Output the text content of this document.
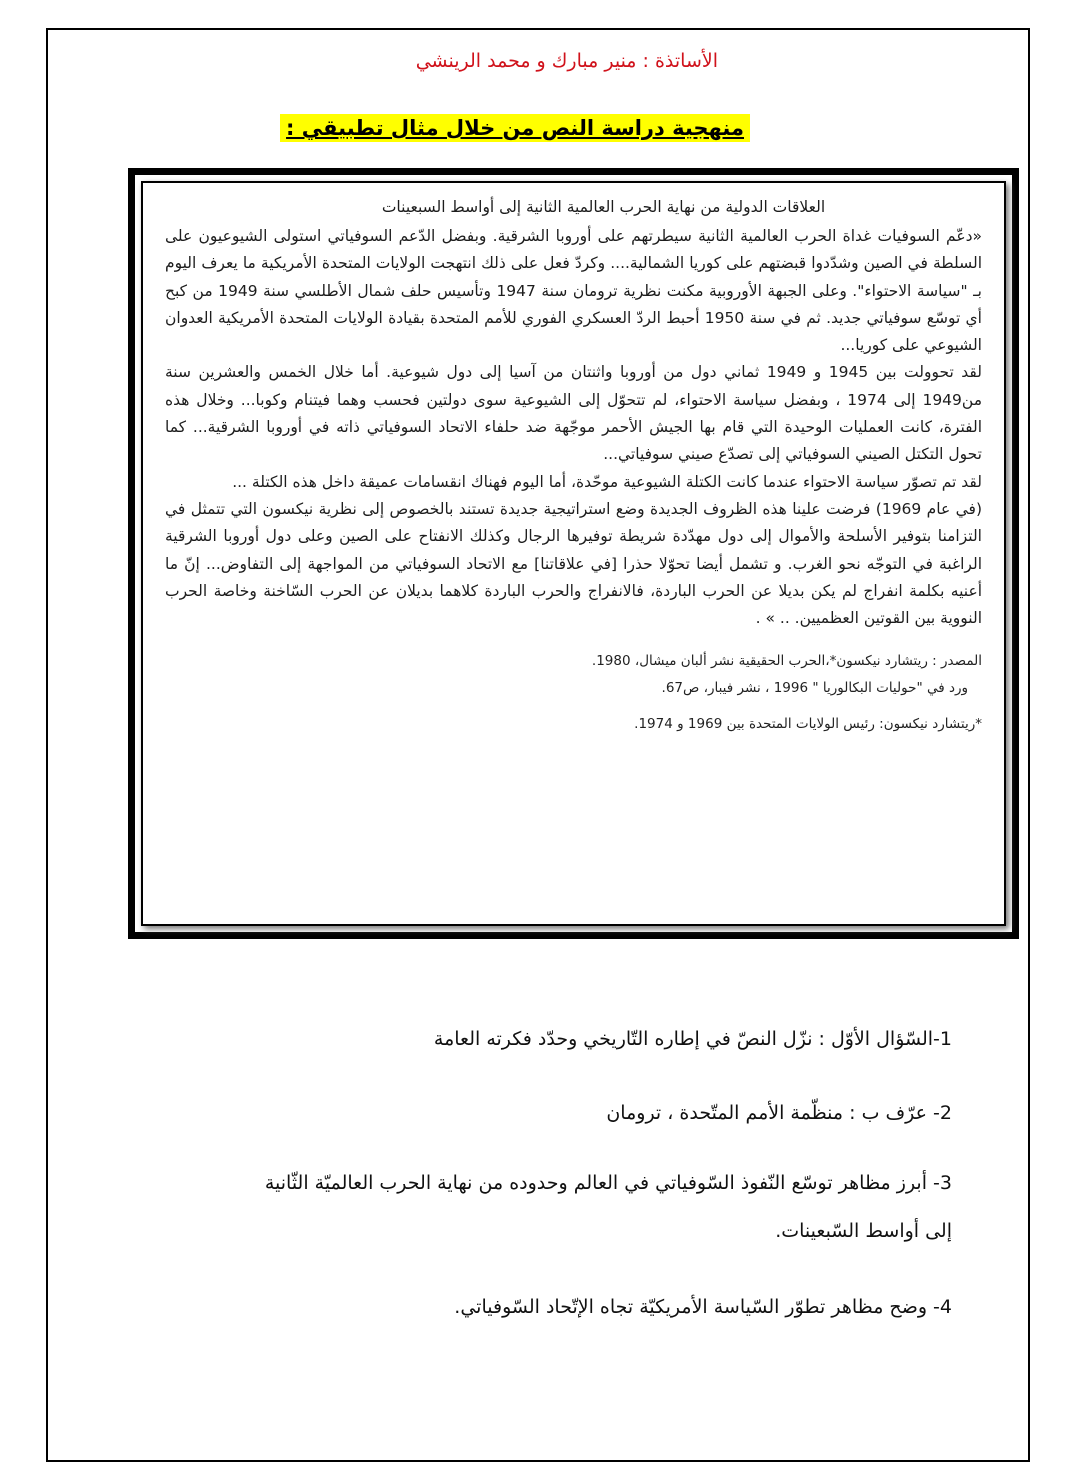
الأساتذة : منير مبارك و محمد الرينشي
منهجية دراسة النص من خلال مثال تطبيقي :

العلاقات الدولية من نهاية الحرب العالمية الثانية إلى أواسط السبعينات

«دعّم السوفيات غداة الحرب العالمية الثانية سيطرتهم على أوروبا الشرقية. وبفضل الدّعم السوفياتي استولى الشيوعيون على السلطة في الصين وشدّدوا قبضتهم على كوريا الشمالية.... وكردّ فعل على ذلك انتهجت الولايات المتحدة الأمريكية ما يعرف اليوم بـ "سياسة الاحتواء". وعلى الجبهة الأوروبية مكنت نظرية ترومان سنة 1947 وتأسيس حلف شمال الأطلسي سنة 1949 من كبح أي توسّع سوفياتي جديد. ثم في سنة 1950 أحبط الردّ العسكري الفوري للأمم المتحدة بقيادة الولايات المتحدة الأمريكية العدوان الشيوعي على كوريا...

لقد تحوولت بين 1945 و 1949 ثماني دول من أوروبا واثنتان من آسيا إلى دول شيوعية. أما خلال الخمس والعشرين سنة من1949 إلى 1974 ، وبفضل سياسة الاحتواء، لم تتحوّل إلى الشيوعية سوى دولتين فحسب وهما فيتنام وكوبا... وخلال هذه الفترة، كانت العمليات الوحيدة التي قام بها الجيش الأحمر موجّهة ضد حلفاء الاتحاد السوفياتي ذاته في أوروبا الشرقية... كما تحول التكتل الصيني السوفياتي إلى تصدّع صيني سوفياتي...

لقد تم تصوّر سياسة الاحتواء عندما كانت الكتلة الشيوعية موحّدة، أما اليوم فهناك انقسامات عميقة داخل هذه الكتلة ...

(في عام 1969) فرضت علينا هذه الظروف الجديدة وضع استراتيجية جديدة تستند بالخصوص إلى نظرية نيكسون التي تتمثل في التزامنا بتوفير الأسلحة والأموال إلى دول مهدّدة شريطة توفيرها الرجال وكذلك الانفتاح على الصين وعلى دول أوروبا الشرقية الراغبة في التوجّه نحو الغرب. و تشمل أيضا تحوّلا حذرا [في علاقاتنا] مع الاتحاد السوفياتي من المواجهة إلى التفاوض... إنّ ما أعنيه بكلمة انفراج لم يكن بديلا عن الحرب الباردة، فالانفراج والحرب الباردة كلاهما بديلان عن الحرب السّاخنة وخاصة الحرب النووية بين القوتين العظميين. .. » .

المصدر : ريتشارد نيكسون*،الحرب الحقيقية نشر ألبان ميشال، 1980.

ورد في "حوليات البكالوريا " 1996 ، نشر فيبار، ص67.

*ريتشارد نيكسون: رئيس الولايات المتحدة بين 1969 و 1974.

1-السّؤال الأوّل : نزّل النصّ في إطاره التّاريخي وحدّد فكرته العامة

2- عرّف ب : منظّمة الأمم المتّحدة ، ترومان

3- أبرز مظاهر توسّع النّفوذ السّوفياتي في العالم وحدوده من نهاية الحرب العالميّة الثّانية

إلى أواسط السّبعينات.

4- وضح مظاهر تطوّر السّياسة الأمريكيّة تجاه الإتّحاد السّوفياتي.
